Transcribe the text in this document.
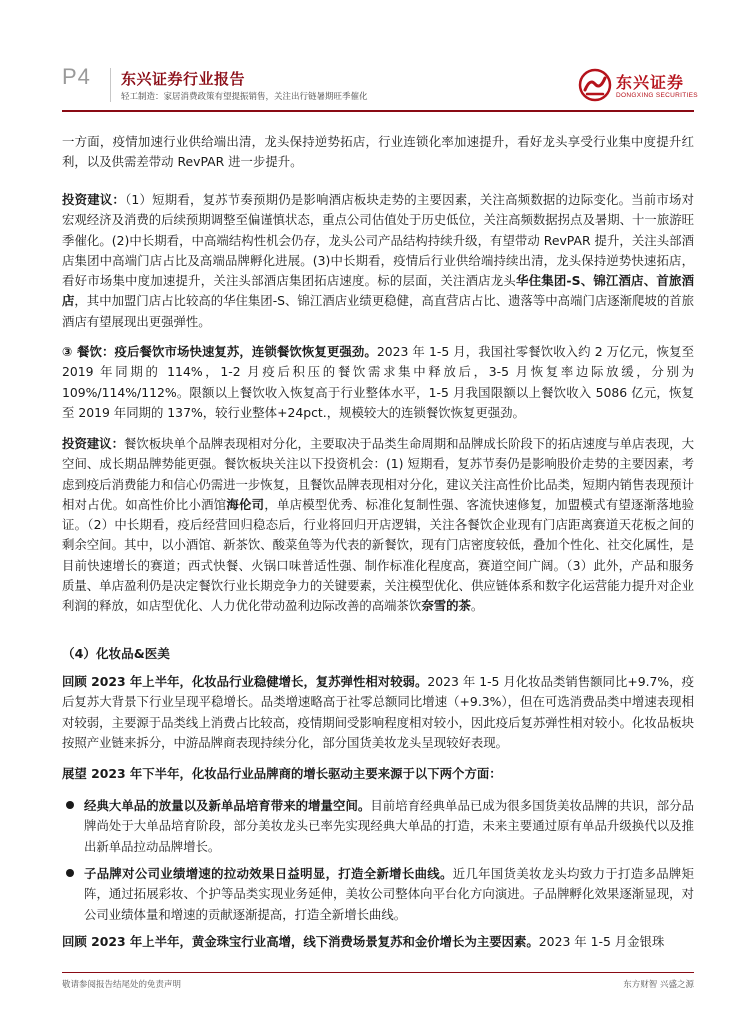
P4 东兴证券行业报告
轻工制造：家居消费政策有望提振销售，关注出行链暑期旺季催化
东兴证券
DONGXING SECURITIES

一方面，疫情加速行业供给端出清，龙头保持逆势拓店，行业连锁化率加速提升，看好龙头享受行业集中度提升红利，以及供需差带动 RevPAR 进一步提升。

投资建议：（1）短期看，复苏节奏预期仍是影响酒店板块走势的主要因素，关注高频数据的边际变化。当前市场对宏观经济及消费的后续预期调整至偏谨慎状态，重点公司估值处于历史低位，关注高频数据拐点及暑期、十一旅游旺季催化。(2)中长期看，中高端结构性机会仍存，龙头公司产品结构持续升级，有望带动 RevPAR 提升，关注头部酒店集团中高端门店占比及高端品牌孵化进展。(3)中长期看，疫情后行业供给端持续出清，龙头保持逆势快速拓店，看好市场集中度加速提升，关注头部酒店集团拓店速度。标的层面，关注酒店龙头华住集团-S、锦江酒店、首旅酒店，其中加盟门店占比较高的华住集团-S、锦江酒店业绩更稳健，高直营店占比、遗落等中高端门店逐渐爬坡的首旅酒店有望展现出更强弹性。

③ 餐饮：疫后餐饮市场快速复苏，连锁餐饮恢复更强劲。2023 年 1-5 月，我国社零餐饮收入约 2 万亿元，恢复至 2019 年同期的 114%，1-2 月疫后积压的餐饮需求集中释放后，3-5 月恢复率边际放缓，分别为 109%/114%/112%。限额以上餐饮收入恢复高于行业整体水平，1-5 月我国限额以上餐饮收入 5086 亿元，恢复至 2019 年同期的 137%，较行业整体+24pct.，规模较大的连锁餐饮恢复更强劲。

投资建议：餐饮板块单个品牌表现相对分化，主要取决于品类生命周期和品牌成长阶段下的拓店速度与单店表现，大空间、成长期品牌势能更强。餐饮板块关注以下投资机会：(1) 短期看，复苏节奏仍是影响股价走势的主要因素，考虑到疫后消费能力和信心仍需进一步恢复，且餐饮品牌表现相对分化，建议关注高性价比品类，短期内销售表现预计相对占优。如高性价比小酒馆海伦司，单店模型优秀、标准化复制性强、客流快速修复，加盟模式有望逐渐落地验证。（2）中长期看，疫后经营回归稳态后，行业将回归开店逻辑，关注各餐饮企业现有门店距离赛道天花板之间的剩余空间。其中，以小酒馆、新茶饮、酸菜鱼等为代表的新餐饮，现有门店密度较低，叠加个性化、社交化属性，是目前快速增长的赛道；西式快餐、火锅口味普适性强、制作标准化程度高，赛道空间广阔。（3）此外，产品和服务质量、单店盈利仍是决定餐饮行业长期竞争力的关键要素，关注模型优化、供应链体系和数字化运营能力提升对企业利润的释放，如店型优化、人力优化带动盈利边际改善的高端茶饮奈雪的茶。

（4）化妆品&医美

回顾 2023 年上半年，化妆品行业稳健增长，复苏弹性相对较弱。2023 年 1-5 月化妆品类销售额同比+9.7%，疫后复苏大背景下行业呈现平稳增长。品类增速略高于社零总额同比增速（+9.3%），但在可选消费品类中增速表现相对较弱，主要源于品类线上消费占比较高，疫情期间受影响程度相对较小，因此疫后复苏弹性相对较小。化妆品板块按照产业链来拆分，中游品牌商表现持续分化，部分国货美妆龙头呈现较好表现。

展望 2023 年下半年，化妆品行业品牌商的增长驱动主要来源于以下两个方面：

经典大单品的放量以及新单品培育带来的增量空间。目前培育经典单品已成为很多国货美妆品牌的共识，部分品牌尚处于大单品培育阶段，部分美妆龙头已率先实现经典大单品的打造，未来主要通过原有单品升级换代以及推出新单品拉动品牌增长。
子品牌对公司业绩增速的拉动效果日益明显，打造全新增长曲线。近几年国货美妆龙头均致力于打造多品牌矩阵，通过拓展彩妆、个护等品类实现业务延伸，美妆公司整体向平台化方向演进。子品牌孵化效果逐渐显现，对公司业绩体量和增速的贡献逐渐提高，打造全新增长曲线。

回顾 2023 年上半年，黄金珠宝行业高增，线下消费场景复苏和金价增长为主要因素。2023 年 1-5 月金银珠

敬请参阅报告结尾处的免责声明	东方财智 兴盛之源
